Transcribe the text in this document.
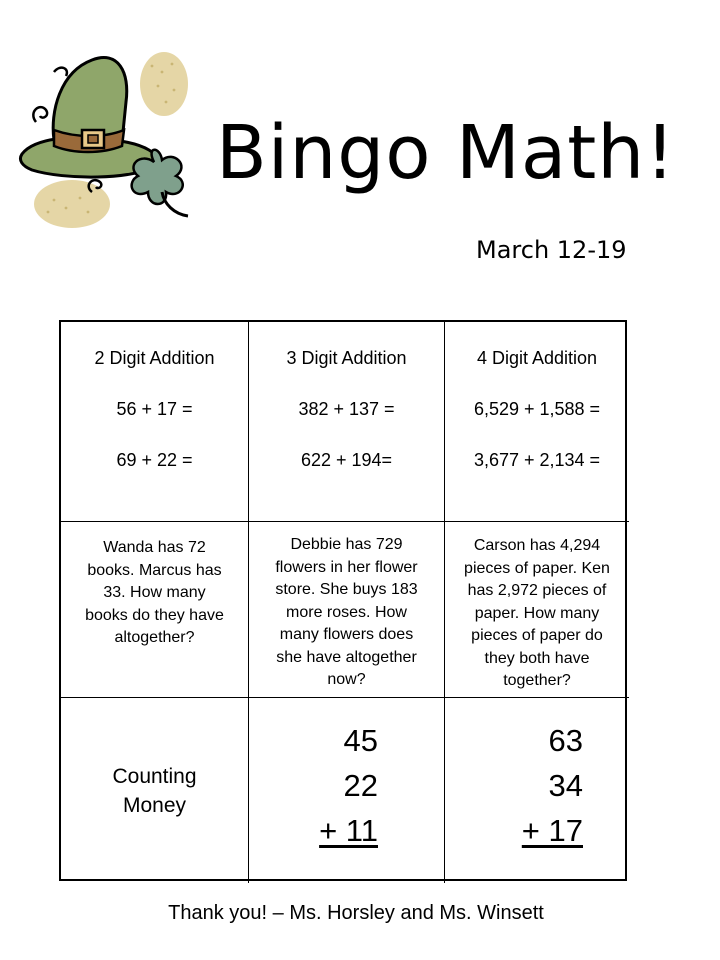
Bingo Math!
March 12-19
2 Digit Addition
56 + 17 =
69 + 22 =
3 Digit Addition
382 + 137 =
622 + 194=
4 Digit Addition
6,529 + 1,588 =
3,677 + 2,134 =
Wanda has 72
books. Marcus has
33. How many
books do they have
altogether?
Debbie has 729
flowers in her flower
store. She buys 183
more roses. How
many flowers does
she have altogether
now?
Carson has 4,294
pieces of paper. Ken
has 2,972 pieces of
paper. How many
pieces of paper do
they both have
together?
Counting
Money
45
22
+ 11
63
34
+ 17
Thank you! – Ms. Horsley and Ms. Winsett
